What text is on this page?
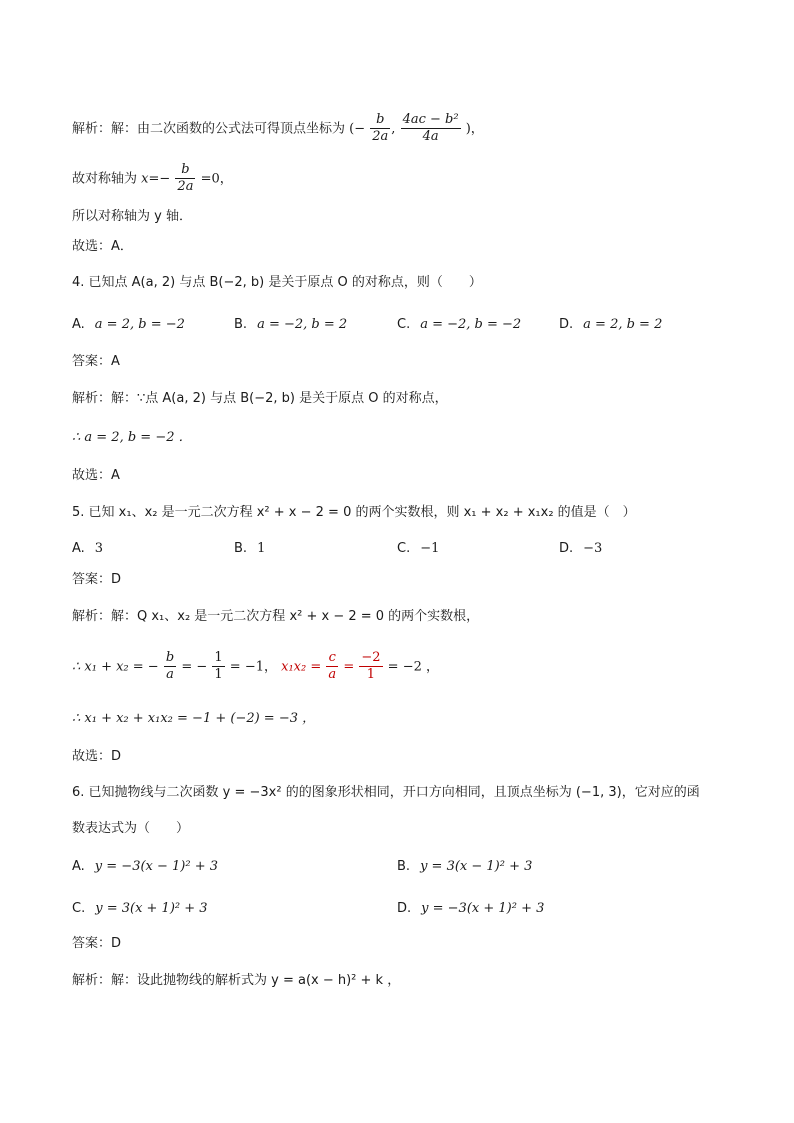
解析：解：由二次函数的公式法可得顶点坐标为 (− $\frac{b}{2a}$ , $\frac{\text{4ac − b²}}{4a}$ )，
故对称轴为 $x=- \frac{b}{2a} =0$，
所以对称轴为 y 轴．
故选：A．
4. 已知点 A(a, 2) 与点 B(−2, b) 是关于原点 O 的对称点，则（　　）
A. a = 2, b = −2	B. a = −2, b = 2	C. a = −2, b = −2	D. a = 2, b = 2
答案：A
解析：解：∵点 A(a, 2) 与点 B(−2, b) 是关于原点 O 的对称点，
∴ a = 2, b = −2 ．
故选：A
5. 已知 x₁、x₂ 是一元二次方程 x² + x − 2 = 0 的两个实数根，则 x₁ + x₂ + x₁x₂ 的值是（　）
A. 3	B. 1	C. −1	D. −3
答案：D
解析：解：Q x₁、x₂ 是一元二次方程 x² + x − 2 = 0 的两个实数根，
∴ x₁ + x₂ = − $\frac{b}{a}$ = − $\frac{1}{1} = -1$， $x_1x_2 = \frac{c}{a} = \frac{-2}{1} = -2$ ，
∴ x₁ + x₂ + x₁x₂ = −1 + (−2) = −3 ，
故选：D
6. 已知抛物线与二次函数 y = −3x² 的的图象形状相同，开口方向相同，且顶点坐标为 (−1, 3)，它对应的函
数表达式为（　　）
A. y = −3(x − 1)² + 3	B. y = 3(x − 1)² + 3
C. y = 3(x + 1)² + 3	D. y = −3(x + 1)² + 3
答案：D
解析：解：设此抛物线的解析式为 y = a(x − h)² + k ，
